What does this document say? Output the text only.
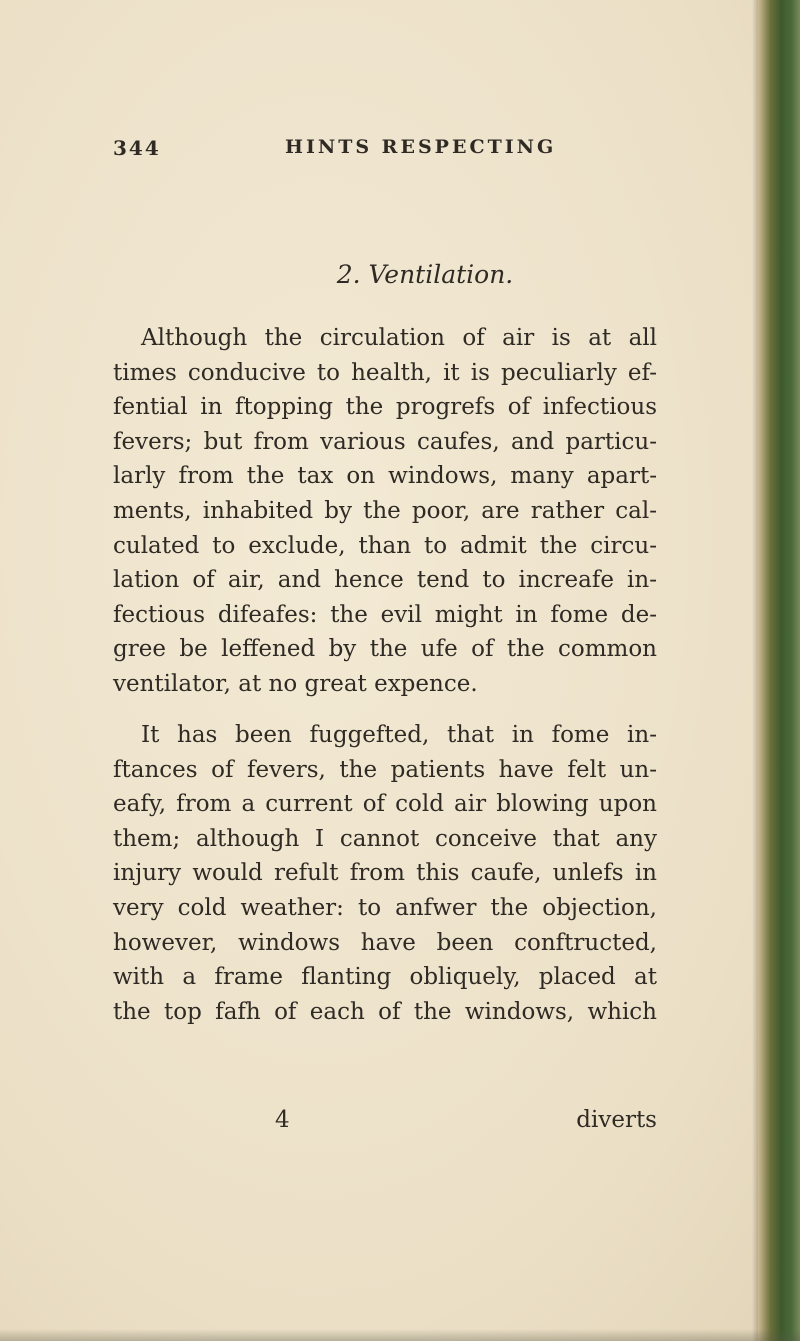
344	HINTS RESPECTING
2. Ventilation.
Although the circulation of air is at all
times conducive to health, it is peculiarly ef-
fential in ftopping the progrefs of infectious
fevers; but from various caufes, and particu-
larly from the tax on windows, many apart-
ments, inhabited by the poor, are rather cal-
culated to exclude, than to admit the circu-
lation of air, and hence tend to increafe in-
fectious difeafes: the evil might in fome de-
gree be leffened by the ufe of the common
ventilator, at no great expence.
It has been fuggefted, that in fome in-
ftances of fevers, the patients have felt un-
eafy, from a current of cold air blowing upon
them; although I cannot conceive that any
injury would refult from this caufe, unlefs in
very cold weather: to anfwer the objection,
however, windows have been conftructed,
with a frame flanting obliquely, placed at
the top fafh of each of the windows, which
4	diverts
